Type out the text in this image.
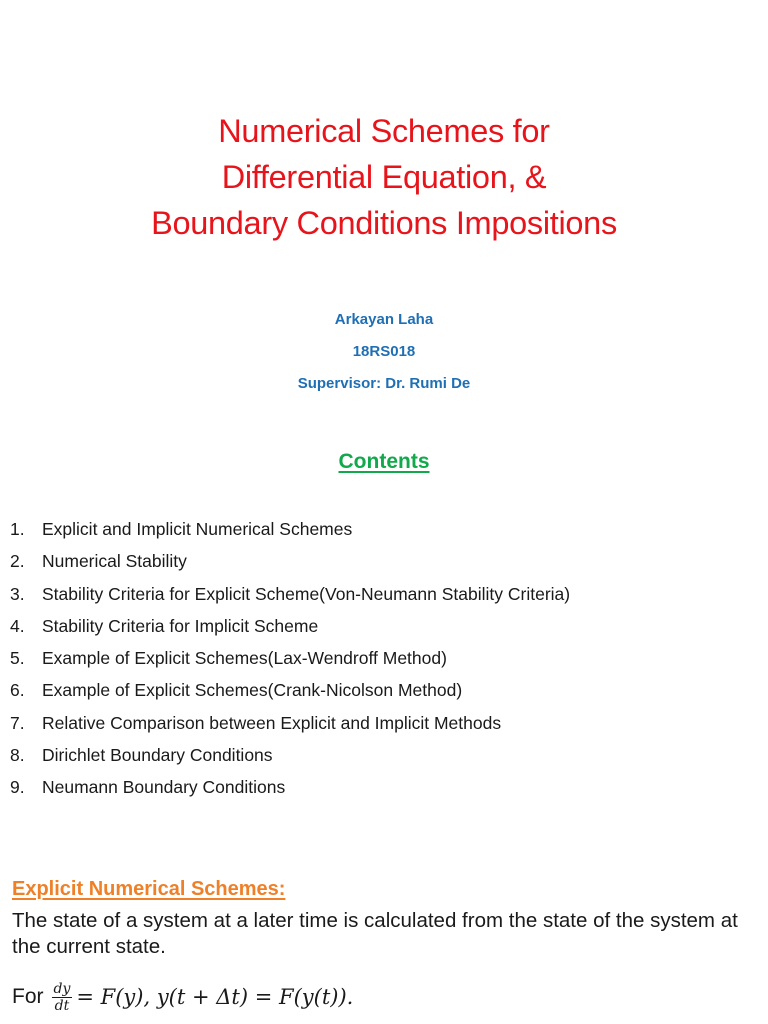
Numerical Schemes for
Differential Equation, &
Boundary Conditions Impositions
Arkayan Laha
18RS018
Supervisor: Dr. Rumi De
Contents
1. Explicit and Implicit Numerical Schemes
2. Numerical Stability
3. Stability Criteria for Explicit Scheme(Von-Neumann Stability Criteria)
4. Stability Criteria for Implicit Scheme
5. Example of Explicit Schemes(Lax-Wendroff Method)
6. Example of Explicit Schemes(Crank-Nicolson Method)
7. Relative Comparison between Explicit and Implicit Methods
8. Dirichlet Boundary Conditions
9. Neumann Boundary Conditions
Explicit Numerical Schemes:

The state of a system at a later time is calculated from the state of the system at the current state.

For $\frac{dy}{dt} = F(y)$, y(t + Δt) = F(y(t)).
